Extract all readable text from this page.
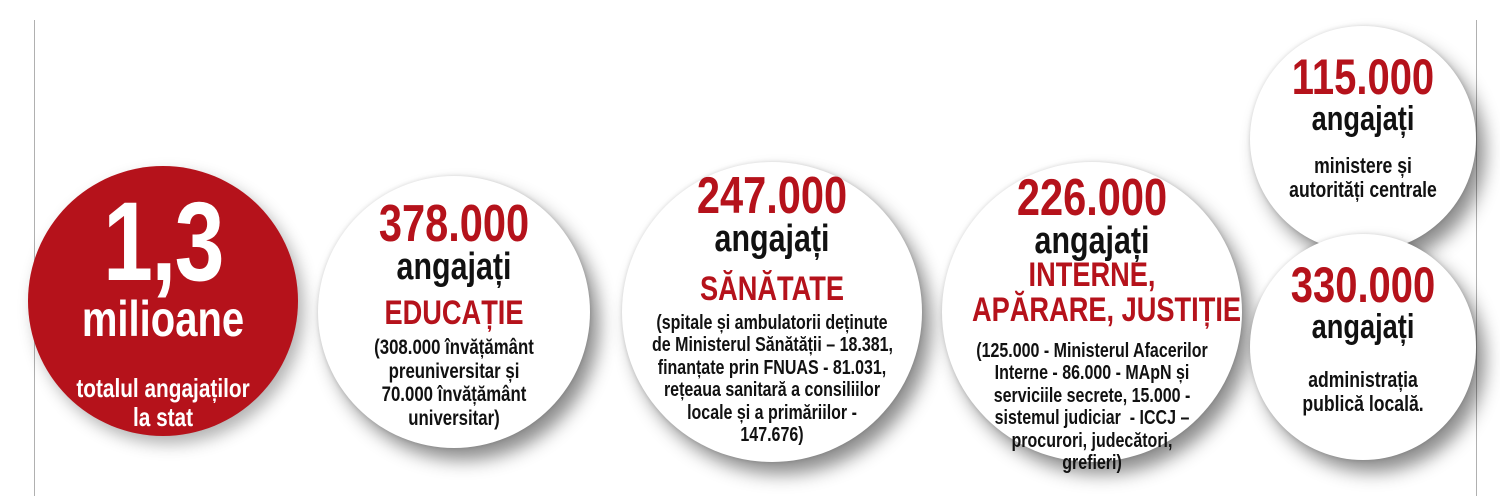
1,3
milioane
totalul angajaților
la stat
378.000
angajați
EDUCAȚIE
(308.000 învățământ
preuniversitar și
70.000 învățământ
universitar)
247.000
angajați
SĂNĂTATE
(spitale și ambulatorii deținute
de Ministerul Sănătății – 18.381,
finanțate prin FNUAS - 81.031,
rețeaua sanitară a consiliilor
locale și a primăriilor -
147.676)
226.000
angajați
INTERNE,
APĂRARE, JUSTIȚIE
(125.000 - Ministerul Afacerilor
Interne - 86.000 - MApN și
serviciile secrete, 15.000 -
sistemul judiciar  - ICCJ –
procurori, judecători,
grefieri)
115.000
angajați
ministere și
autorități centrale
330.000
angajați
administrația
publică locală.
